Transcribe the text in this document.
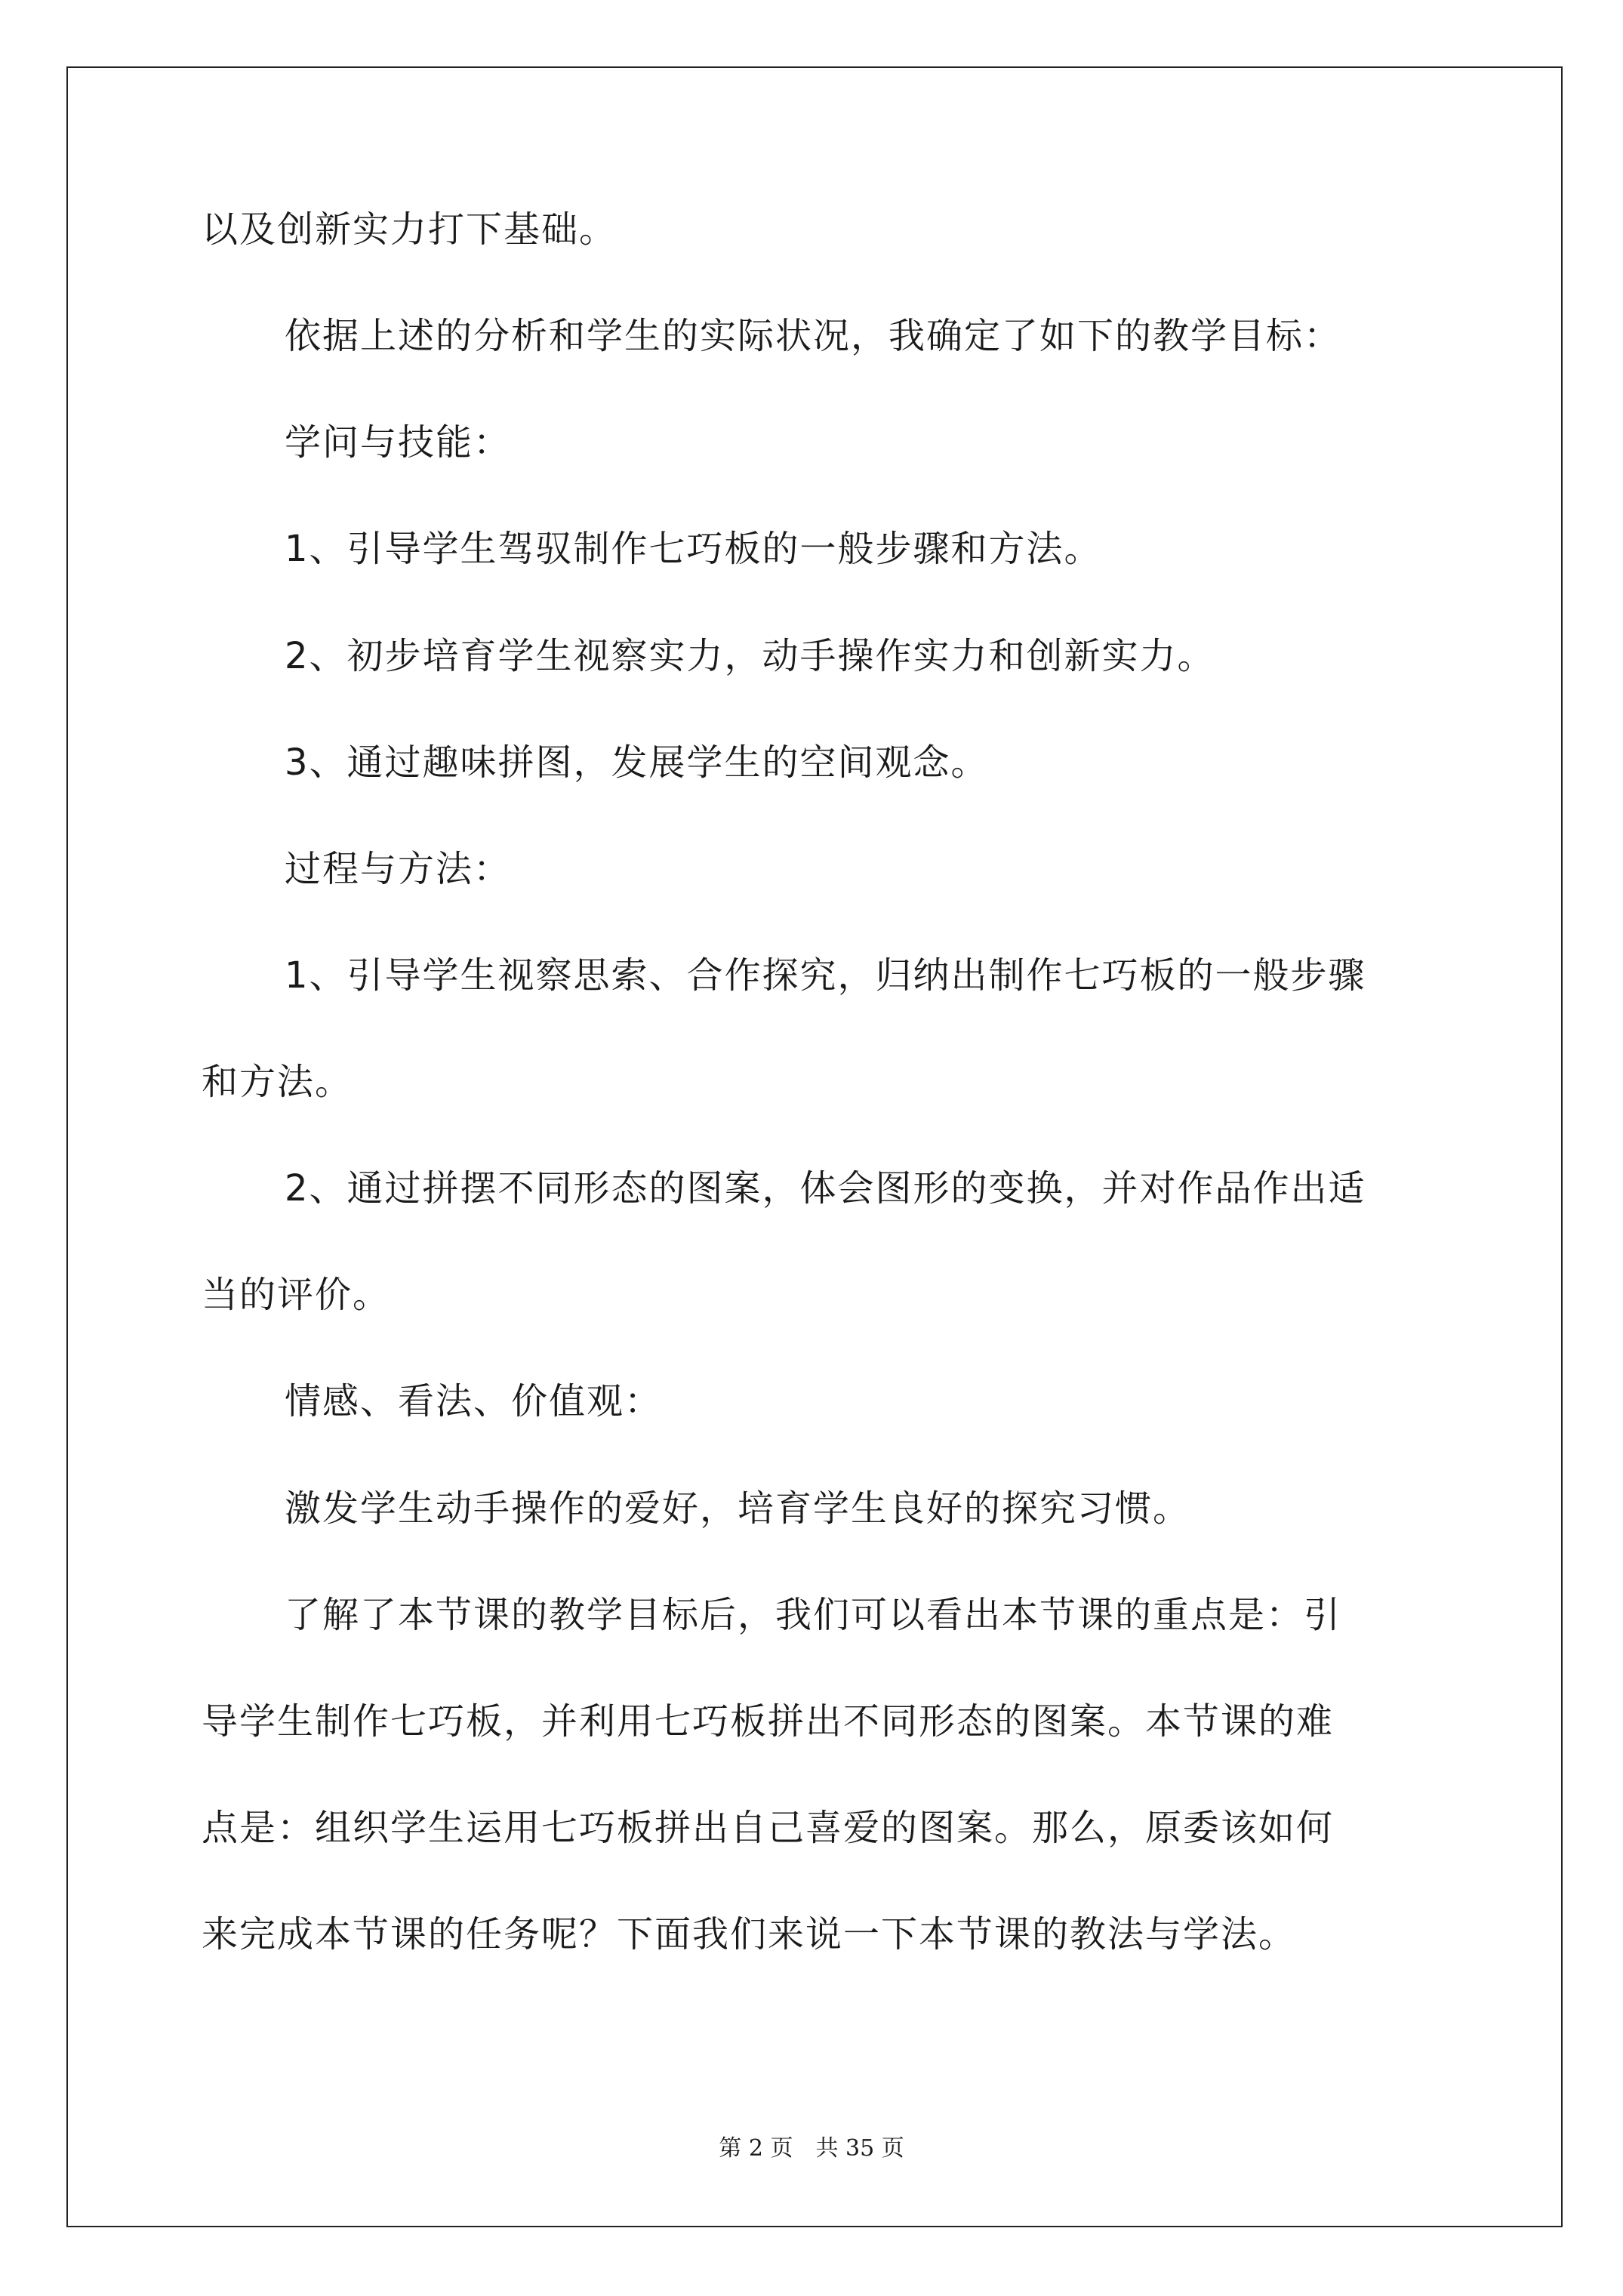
以及创新实力打下基础。
依据上述的分析和学生的实际状况，我确定了如下的教学目标：
学问与技能：
1、引导学生驾驭制作七巧板的一般步骤和方法。
2、初步培育学生视察实力，动手操作实力和创新实力。
3、通过趣味拼图，发展学生的空间观念。
过程与方法：
1、引导学生视察思索、合作探究，归纳出制作七巧板的一般步骤
和方法。
2、通过拼摆不同形态的图案，体会图形的变换，并对作品作出适
当的评价。
情感、看法、价值观：
激发学生动手操作的爱好，培育学生良好的探究习惯。
了解了本节课的教学目标后，我们可以看出本节课的重点是：引
导学生制作七巧板，并利用七巧板拼出不同形态的图案。本节课的难
点是：组织学生运用七巧板拼出自己喜爱的图案。那么，原委该如何
来完成本节课的任务呢？下面我们来说一下本节课的教法与学法。
第 2 页　共 35 页
